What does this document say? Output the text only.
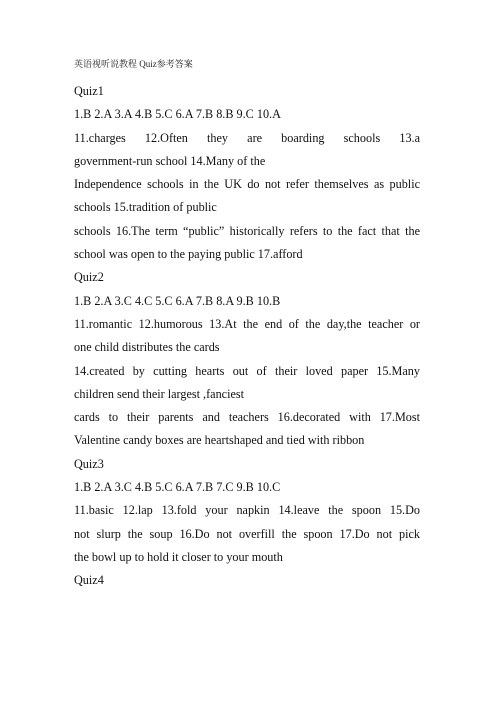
英语视听说教程 Quiz参考答案

Quiz1

1.B 2.A 3.A 4.B 5.C 6.A 7.B 8.B 9.C 10.A

11.charges 12.Often they are boarding schools 13.a

government-run school 14.Many of the

Independence schools in the UK do not refer themselves as public

schools 15.tradition of public

schools 16.The term “public” historically refers to the fact that the

school was open to the paying public 17.afford

Quiz2

1.B 2.A 3.C 4.C 5.C 6.A 7.B 8.A 9.B 10.B

11.romantic 12.humorous 13.At the end of the day,the teacher or

one child distributes the cards

14.created by cutting hearts out of their loved paper 15.Many

children send their largest ,fanciest

cards to their parents and teachers 16.decorated with 17.Most

Valentine candy boxes are heartshaped and tied with ribbon

Quiz3

1.B 2.A 3.C 4.B 5.C 6.A 7.B 7.C 9.B 10.C

11.basic 12.lap 13.fold your napkin 14.leave the spoon 15.Do

not slurp the soup 16.Do not overfill the spoon 17.Do not pick

the bowl up to hold it closer to your mouth

Quiz4
